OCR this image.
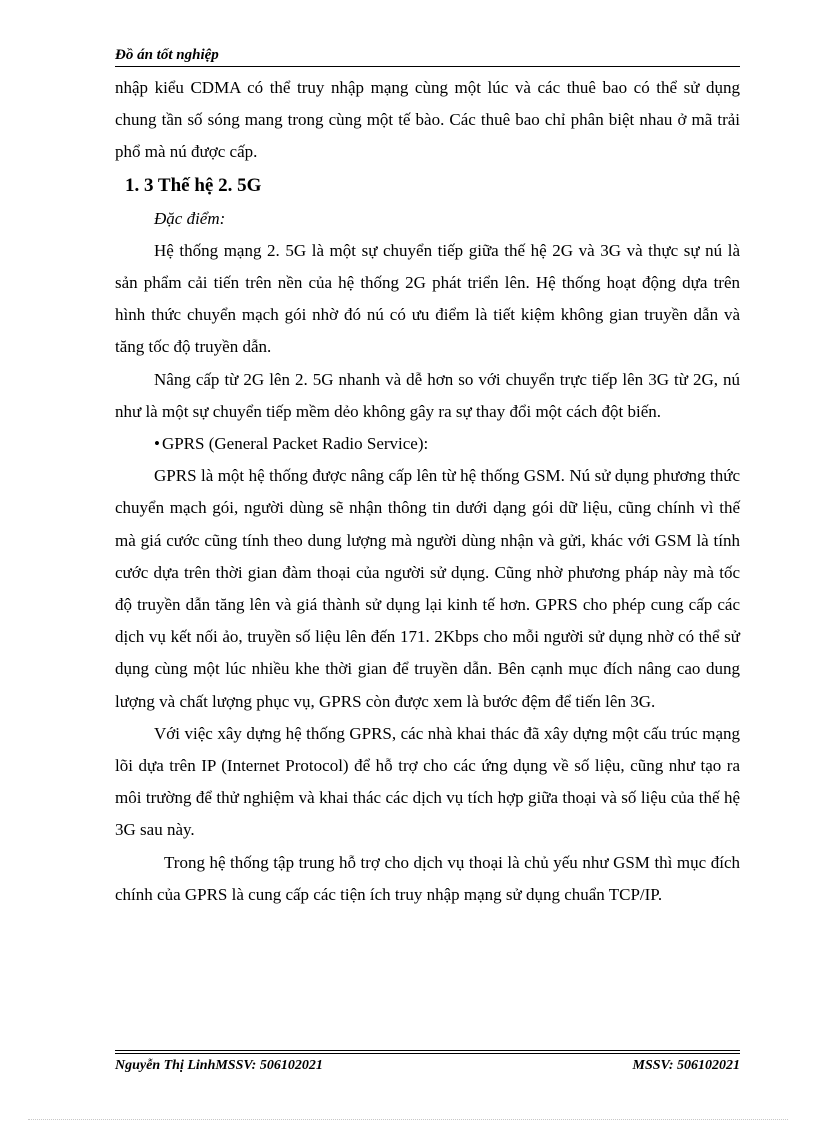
Đồ án tốt nghiệp

nhập kiểu CDMA có thể truy nhập mạng cùng một lúc và các thuê bao có thể sử dụng chung tần số sóng mang trong cùng một tế bào. Các thuê bao chỉ phân biệt nhau ở mã trải phổ mà nú được cấp.

1. 3 Thế hệ 2. 5G

Đặc điểm:

Hệ thống mạng 2. 5G là một sự chuyển tiếp giữa thế hệ 2G và 3G và thực sự nú là sản phẩm cải tiến trên nền của hệ thống 2G phát triển lên. Hệ thống hoạt động dựa trên hình thức chuyển mạch gói nhờ đó nú có ưu điểm là tiết kiệm không gian truyền dẫn và tăng tốc độ truyền dẫn.

Nâng cấp từ 2G lên 2. 5G nhanh và dễ hơn so với chuyển trực tiếp lên 3G từ 2G, nú như là một sự chuyển tiếp mềm dẻo không gây ra sự thay đổi một cách đột biến.

• GPRS (General Packet Radio Service):

GPRS là một hệ thống được nâng cấp lên từ hệ thống GSM. Nú sử dụng phương thức chuyển mạch gói, người dùng sẽ nhận thông tin dưới dạng gói dữ liệu, cũng chính vì thế mà giá cước cũng tính theo dung lượng mà người dùng nhận và gửi, khác với GSM là tính cước dựa trên thời gian đàm thoại của người sử dụng. Cũng nhờ phương pháp này mà tốc độ truyền dẫn tăng lên và giá thành sử dụng lại kinh tế hơn. GPRS cho phép cung cấp các dịch vụ kết nối ảo, truyền số liệu lên đến 171. 2Kbps cho mỗi người sử dụng nhờ có thể sử dụng cùng một lúc nhiều khe thời gian để truyền dẫn. Bên cạnh mục đích nâng cao dung lượng và chất lượng phục vụ, GPRS còn được xem là bước đệm để tiến lên 3G.

Với việc xây dựng hệ thống GPRS, các nhà khai thác đã xây dựng một cấu trúc mạng lõi dựa trên IP (Internet Protocol) để hỗ trợ cho các ứng dụng về số liệu, cũng như tạo ra môi trường để thử nghiệm và khai thác các dịch vụ tích hợp giữa thoại và số liệu của thế hệ 3G sau này.

Trong hệ thống tập trung hỗ trợ cho dịch vụ thoại là chủ yếu như GSM thì mục đích chính của GPRS là cung cấp các tiện ích truy nhập mạng sử dụng chuẩn TCP/IP.

Nguyễn Thị LinhMSSV: 506102021	MSSV: 506102021
